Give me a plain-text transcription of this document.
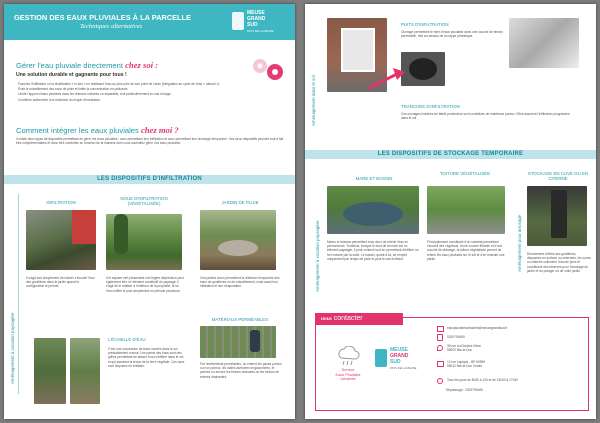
GESTION DES EAUX PLUVIALES À LA PARCELLE
Techniques alternatives
MEUSE
GRAND
SUD
PAYS DE LA MEUSE
Gérer l'eau pluviale directement chez soi :
Une solution durable et gagnante pour tous !
Favorise l'infiltration ou la réutilisation « in situ » en restituant l'eau au plus près de son point de chute (intégration au cycle de l'eau « naturel »).
Évite le ruissellement des eaux de pluie et limite la concentration en polluants.
Limite l'apport d'eaux pluviales dans les réseaux unitaires ou séparatifs, tout particulièrement en cas d'orage.
Contribue activement à la réduction du risque d'inondation.
Comment intégrer les eaux pluviales chez moi ?
Il existe deux types de dispositifs permettant de gérer les eaux pluviales : ceux permettant leur infiltration et ceux permettant leur stockage temporaire. Ces deux dispositifs peuvent tout à fait être complémentaires et donc être combinés en fonction de la manière dont vous souhaitez gérer vos eaux pluviales.
LES DISPOSITIFS D'INFILTRATION
Aménagement à vocation paysagère
INFILTRATION
NOUE D'INFILTRATION (VÉGÉTALISÉE)	JARDIN DE PLUIE
Il s'agit tout simplement de laisser s'écouler l'eau des gouttières dans le jardin quand la configuration le permet.
Cet espace vert présentant une légère dépression peut également être un élément constitutif du paysage. Il s'agit de le réaliser à l'intérieur de la propriété, là où l'eau infiltre le plus simplement en période pluvieuse.
Ces jardins creux permettent la rétention temporaire des eaux de gouttières ou de ruissellement, mais aussi leur infiltration et leur évaporation.
L'ÉCHELLE D'EAU
C'est une succession de bacs montés dans le sol préalablement creusé. Les parois des bacs sont des grilles permettant de laisser l'eau s'infiltrer dans le sol et qui assurent la tenue de la terre végétale. Ces bacs sont disposés en enfilade.
MATÉRIAUX PERMÉABLES
Par revêtements perméables, on entend les pavés poreux ou non poreux, les dalles alvéolées engazonnées, et pavées ou encore les bétons drainants ou les bétons de résines drainantes.
Aménagement dans le sol
PUITS D'INFILTRATION
Ouvrage permettant le rejet d'eaux pluviales dans une couche de terrain perméable, très au-dessus de la nappe phréatique.
TRANCHÉE D'INFILTRATION
Ces ouvrages linéaires de faible profondeur sont constitués de matériaux poreux. Elles assurent l'infiltration progressive dans le sol.
LES DISPOSITIFS DE STOCKAGE TEMPORAIRE
Aménagement à vocation paysagère	Aménagement pour arrosage
MARE ET BASSIN
TOITURE VÉGÉTALISÉE	STOCKAGE EN CUVE OU EN CITERNE
Mares et bassins permettent tous deux de retenir l'eau en permanence. Toutefois, lorsque le fond de la mare est un élément paysager, il peut contenir tout en permettant d'infiltrer un fort volume par la suite. Le bassin, quant à lui, se remplit uniquement par temps de pluie et peut le cas échéant.
Principalement constituée d'un substrat permettant l'accueil des végétaux, d'une couche filtrante et d'une couche de drainage, la toiture végétalisée permet de retenir les eaux pluviales sur le toit et d'en retarder une partie.
Directement reliées aux gouttières, disposées en surface ou enterrées, les cuves ou citernes collectent l'eau de pluie et constituent des réserves pour l'arrosage du jardin et du potager ou de votre jardin.
nous contacter
Service
Eaux Pluviales
Urbaines
MEUSE
GRAND
SUD
PAYS DE LA MEUSE
eauxpluvialesurbaines@meusegrandsud.fr
0329791665
39 rue du Docteur Nève
55000 Bar-le-Duc
12 rue Lapique - BP 60559
55012 Bar-le-Duc Cedex
Tous les jours de 8h30 à 12h et de 13h30 à 17h30
Dépannage : 0329791665
